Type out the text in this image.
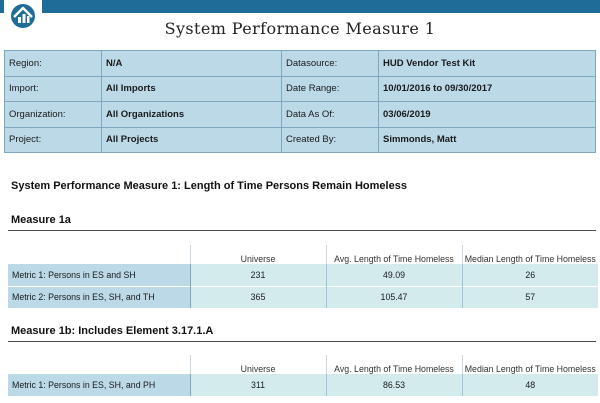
System Performance Measure 1
Region:	N/A	Datasource:	HUD Vendor Test Kit
Import:	All Imports	Date Range:	10/01/2016 to 09/30/2017
Organization:	All Organizations	Data As Of:	03/06/2019
Project:	All Projects	Created By:	Simmonds, Matt
System Performance Measure 1: Length of Time Persons Remain Homeless
Measure 1a
	Universe	Avg. Length of Time Homeless	Median Length of Time Homeless
Metric 1: Persons in ES and SH	231	49.09	26
Metric 2: Persons in ES, SH, and TH	365	105.47	57
Measure 1b: Includes Element 3.17.1.A
	Universe	Avg. Length of Time Homeless	Median Length of Time Homeless
Metric 1: Persons in ES, SH, and PH	311	86.53	48
